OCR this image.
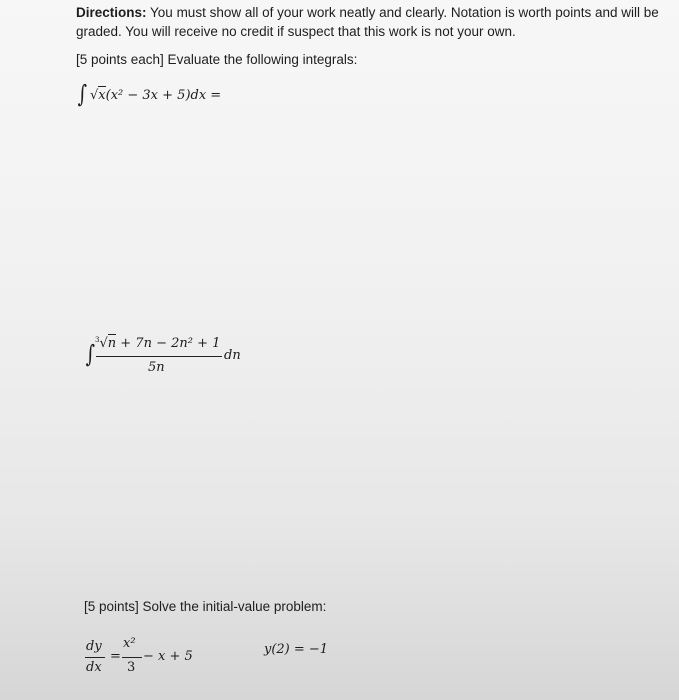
Directions: You must show all of your work neatly and clearly. Notation is worth points and will be graded. You will receive no credit if suspect that this work is not your own.
[5 points each] Evaluate the following integrals:
∫ √x(x² − 3x + 5)dx =
∫ $^3$√n + 7n − 2n² + 1
5n
dn
[5 points] Solve the initial-value problem:
dy
dx
=
x²
3
− x + 5	y(2) = −1
